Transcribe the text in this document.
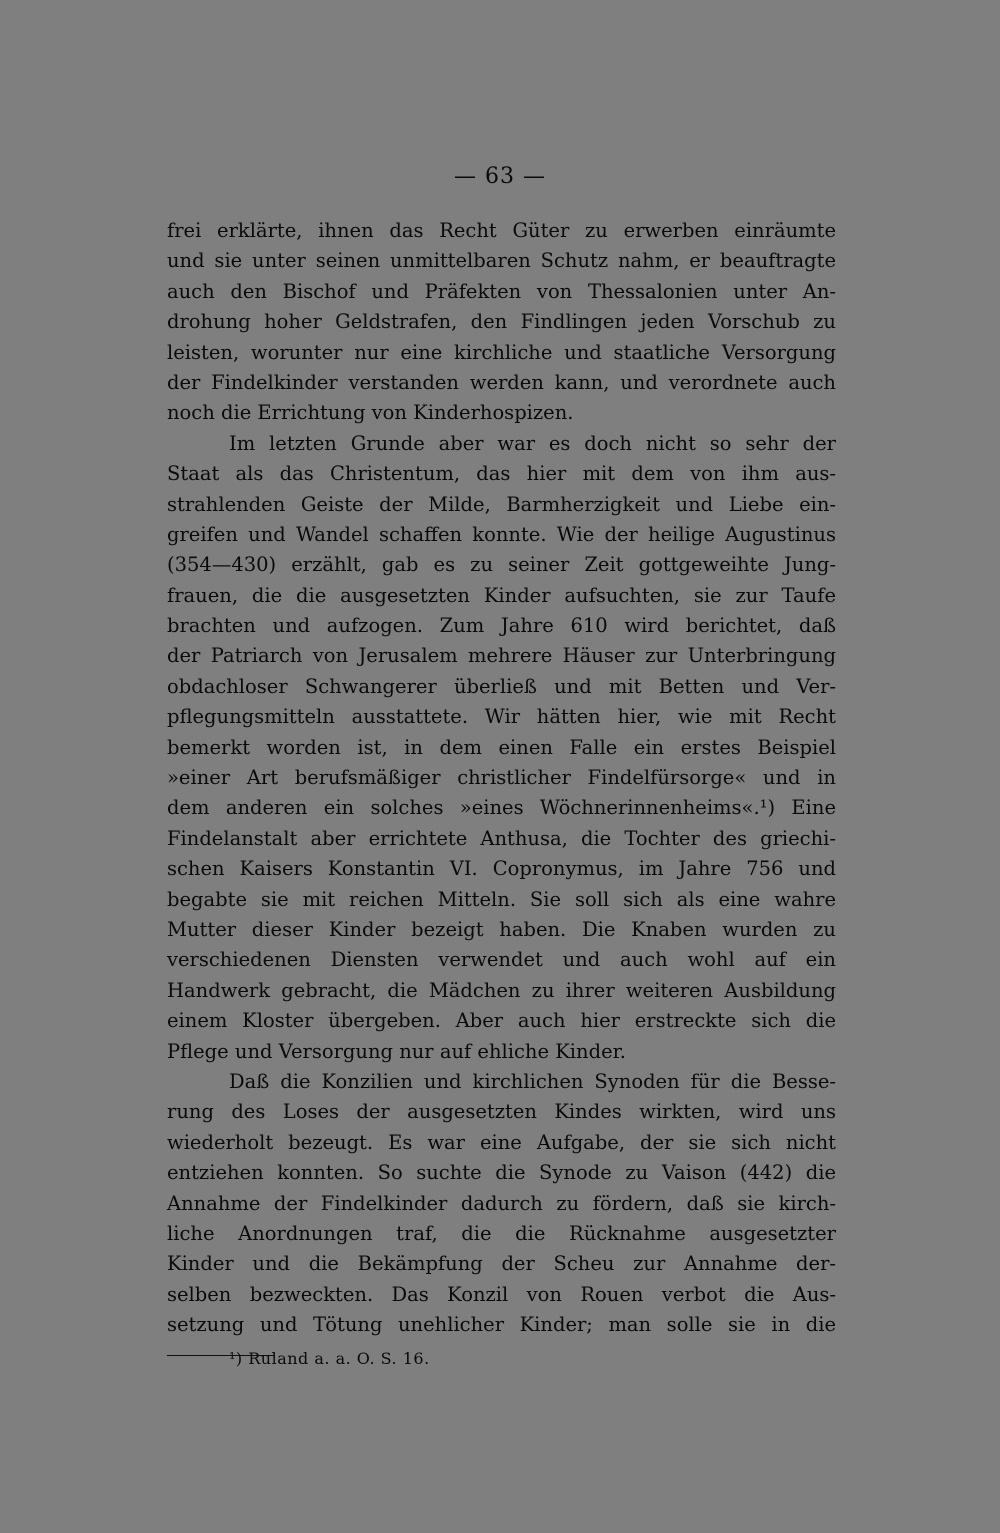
— 63 —
frei erklärte, ihnen das Recht Güter zu erwerben einräumte
und sie unter seinen unmittelbaren Schutz nahm, er beauftragte
auch den Bischof und Präfekten von Thessalonien unter An-
drohung hoher Geldstrafen, den Findlingen jeden Vorschub zu
leisten, worunter nur eine kirchliche und staatliche Versorgung
der Findelkinder verstanden werden kann, und verordnete auch
noch die Errichtung von Kinderhospizen.
Im letzten Grunde aber war es doch nicht so sehr der
Staat als das Christentum, das hier mit dem von ihm aus-
strahlenden Geiste der Milde, Barmherzigkeit und Liebe ein-
greifen und Wandel schaffen konnte. Wie der heilige Augustinus
(354—430) erzählt, gab es zu seiner Zeit gottgeweihte Jung-
frauen, die die ausgesetzten Kinder aufsuchten, sie zur Taufe
brachten und aufzogen. Zum Jahre 610 wird berichtet, daß
der Patriarch von Jerusalem mehrere Häuser zur Unterbringung
obdachloser Schwangerer überließ und mit Betten und Ver-
pflegungsmitteln ausstattete. Wir hätten hier, wie mit Recht
bemerkt worden ist, in dem einen Falle ein erstes Beispiel
»einer Art berufsmäßiger christlicher Findelfürsorge« und in
dem anderen ein solches »eines Wöchnerinnenheims«.¹) Eine
Findelanstalt aber errichtete Anthusa, die Tochter des griechi-
schen Kaisers Konstantin VI. Copronymus, im Jahre 756 und
begabte sie mit reichen Mitteln. Sie soll sich als eine wahre
Mutter dieser Kinder bezeigt haben. Die Knaben wurden zu
verschiedenen Diensten verwendet und auch wohl auf ein
Handwerk gebracht, die Mädchen zu ihrer weiteren Ausbildung
einem Kloster übergeben. Aber auch hier erstreckte sich die
Pflege und Versorgung nur auf ehliche Kinder.
Daß die Konzilien und kirchlichen Synoden für die Besse-
rung des Loses der ausgesetzten Kindes wirkten, wird uns
wiederholt bezeugt. Es war eine Aufgabe, der sie sich nicht
entziehen konnten. So suchte die Synode zu Vaison (442) die
Annahme der Findelkinder dadurch zu fördern, daß sie kirch-
liche Anordnungen traf, die die Rücknahme ausgesetzter
Kinder und die Bekämpfung der Scheu zur Annahme der-
selben bezweckten. Das Konzil von Rouen verbot die Aus-
setzung und Tötung unehlicher Kinder; man solle sie in die
¹) Ruland a. a. O. S. 16.
